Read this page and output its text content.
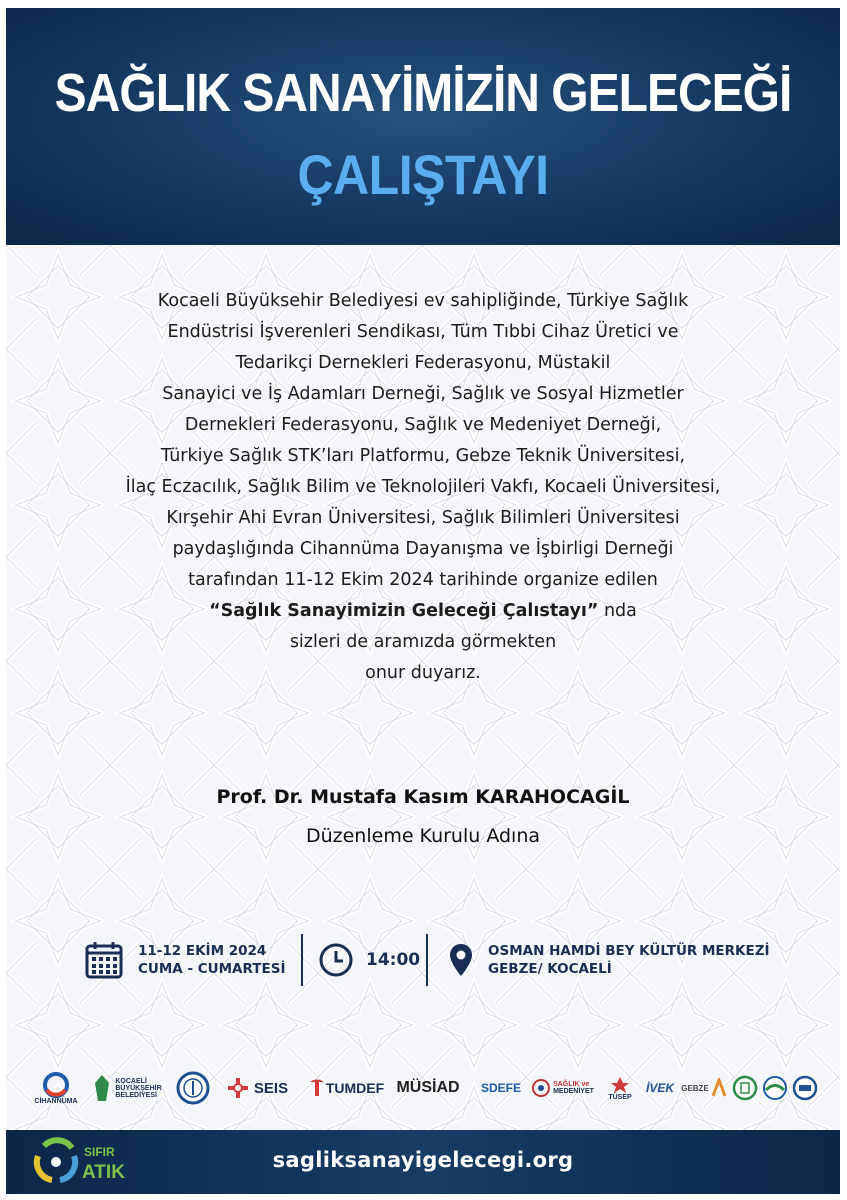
SAĞLIK SANAYİMİZİN GELECEĞİ
ÇALIŞTAYI
Kocaeli Büyüksehir Belediyesi ev sahipliğinde, Türkiye Sağlık
Endüstrisi İşverenleri Sendikası, Tüm Tıbbi Cihaz Üretici ve
Tedarikçi Dernekleri Federasyonu, Müstakil
Sanayici ve İş Adamları Derneği, Sağlık ve Sosyal Hizmetler
Dernekleri Federasyonu, Sağlık ve Medeniyet Derneği,
Türkiye Sağlık STK’ları Platformu, Gebze Teknik Üniversitesi,
İlaç Eczacılık, Sağlık Bilim ve Teknolojileri Vakfı, Kocaeli Üniversitesi,
Kırşehir Ahi Evran Üniversitesi, Sağlık Bilimleri Üniversitesi
paydaşlığında Cihannüma Dayanışma ve İşbirligi Derneği
tarafından 11-12 Ekim 2024 tarihinde organize edilen
“Sağlık Sanayimizin Geleceği Çalıstayı” nda
sizleri de aramızda görmekten
onur duyarız.
Prof. Dr. Mustafa Kasım KARAHOCAGİL
Düzenleme Kurulu Adına
11-12 EKİM 2024
CUMA - CUMARTESİ	14:00	OSMAN HAMDİ BEY KÜLTÜR MERKEZİ
GEBZE/ KOCAELİ
CİHANNÜMA
KOCAELİ
BÜYÜKŞEHİR
BELEDİYESİ	SEIS	TUMDEF MÜSİAD SDEFE	SAĞLIK ve
MEDENİYET
TÜSEP
İVEK GEBZE
SIFIR
ATIK
sagliksanayigelecegi.org
